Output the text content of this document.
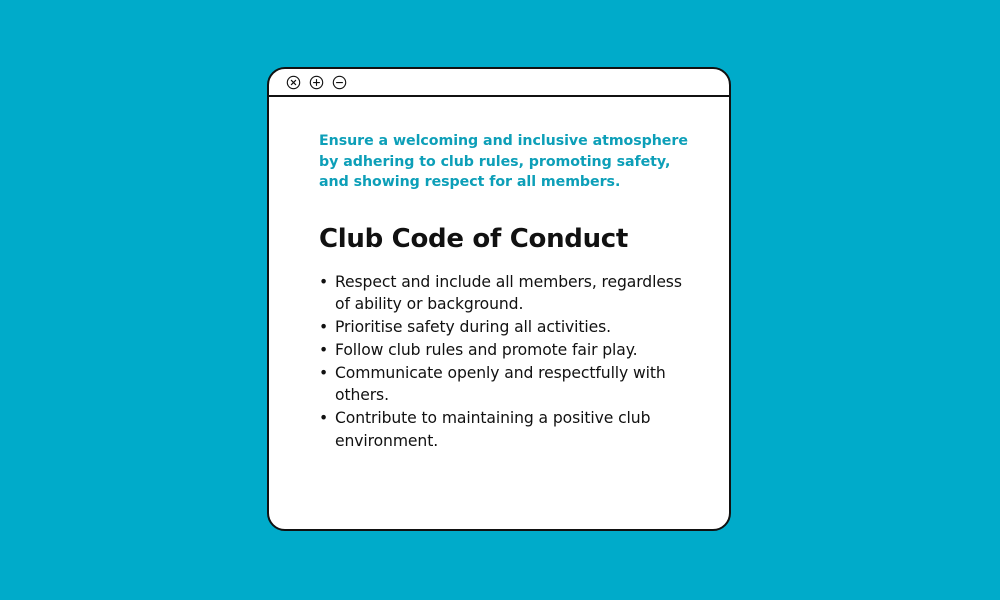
Ensure a welcoming and inclusive atmosphere by adhering to club rules, promoting safety, and showing respect for all members.

Club Code of Conduct
• Respect and include all members, regardless of ability or background.
• Prioritise safety during all activities.
• Follow club rules and promote fair play.
• Communicate openly and respectfully with others.
• Contribute to maintaining a positive club environment.
